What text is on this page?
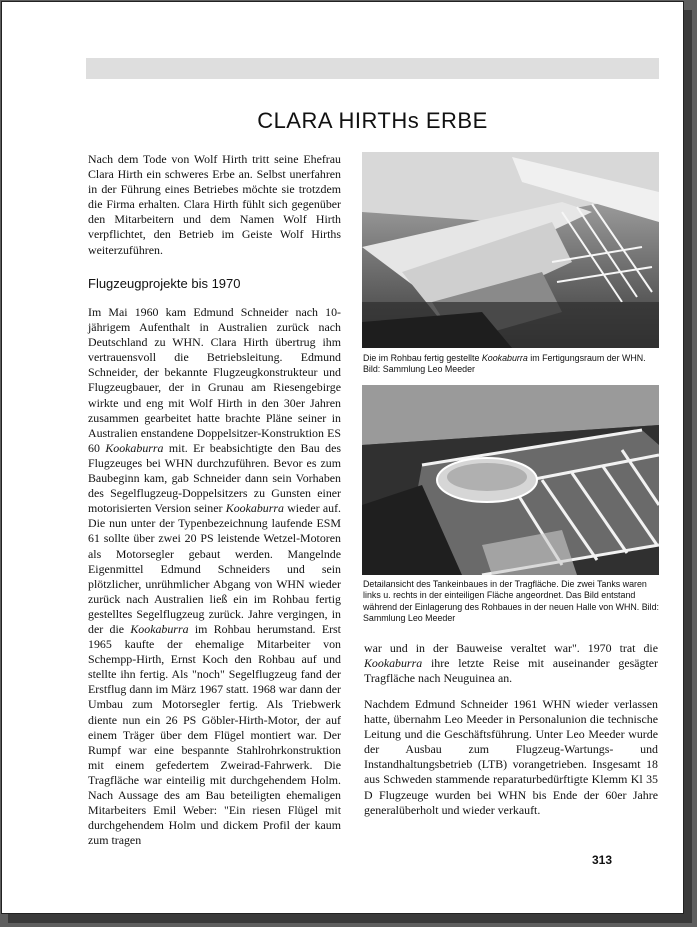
CLARA HIRTHs ERBE

Nach dem Tode von Wolf Hirth tritt seine Ehefrau Clara Hirth ein schweres Erbe an. Selbst unerfahren in der Führung eines Betriebes möchte sie trotzdem die Firma erhalten. Clara Hirth fühlt sich gegenüber den Mitarbeitern und dem Namen Wolf Hirth verpflichtet, den Betrieb im Geiste Wolf Hirths weiterzuführen.

Flugzeugprojekte bis 1970

Im Mai 1960 kam Edmund Schneider nach 10-jährigem Aufenthalt in Australien zurück nach Deutschland zu WHN. Clara Hirth übertrug ihm vertrauensvoll die Betriebsleitung. Edmund Schneider, der bekannte Flugzeugkonstrukteur und Flugzeugbauer, der in Grunau am Riesengebirge wirkte und eng mit Wolf Hirth in den 30er Jahren zusammen gearbeitet hatte brachte Pläne seiner in Australien enstandene Doppelsitzer-Konstruktion ES 60 Kookaburra mit. Er beabsichtigte den Bau des Flugzeuges bei WHN durchzuführen. Bevor es zum Baubeginn kam, gab Schneider dann sein Vorhaben des Segelflugzeug-Doppelsitzers zu Gunsten einer motorisierten Version seiner Kookaburra wieder auf. Die nun unter der Typenbezeichnung laufende ESM 61 sollte über zwei 20 PS leistende Wetzel-Motoren als Motorsegler gebaut werden. Mangelnde Eigenmittel Edmund Schneiders und sein plötzlicher, unrühmlicher Abgang von WHN wieder zurück nach Australien ließ ein im Rohbau fertig gestelltes Segelflugzeug zurück. Jahre vergingen, in der die Kookaburra im Rohbau herumstand. Erst 1965 kaufte der ehemalige Mitarbeiter von Schempp-Hirth, Ernst Koch den Rohbau auf und stellte ihn fertig. Als "noch" Segelflugzeug fand der Erstflug dann im März 1967 statt. 1968 war dann der Umbau zum Motorsegler fertig. Als Triebwerk diente nun ein 26 PS Göbler-Hirth-Motor, der auf einem Träger über dem Flügel montiert war. Der Rumpf war eine bespannte Stahlrohrkonstruktion mit einem gefedertem Zweirad-Fahrwerk. Die Tragfläche war einteilig mit durchgehendem Holm. Nach Aussage des am Bau beteiligten ehemaligen Mitarbeiters Emil Weber: "Ein riesen Flügel mit durchgehendem Holm und dickem Profil der kaum zum tragen

Die im Rohbau fertig gestellte Kookaburra im Fertigungsraum der WHN. Bild: Sammlung Leo Meeder
Detailansicht des Tankeinbaues in der Tragfläche. Die zwei Tanks waren links u. rechts in der einteiligen Fläche angeordnet. Das Bild entstand während der Einlagerung des Rohbaues in der neuen Halle von WHN. Bild: Sammlung Leo Meeder

war und in der Bauweise veraltet war". 1970 trat die Kookaburra ihre letzte Reise mit auseinander gesägter Tragfläche nach Neuguinea an.

Nachdem Edmund Schneider 1961 WHN wieder verlassen hatte, übernahm Leo Meeder in Personalunion die technische Leitung und die Geschäftsführung. Unter Leo Meeder wurde der Ausbau zum Flugzeug-Wartungs- und Instandhaltungsbetrieb (LTB) vorangetrieben. Insgesamt 18 aus Schweden stammende reparaturbedürftigte Klemm Kl 35 D Flugzeuge wurden bei WHN bis Ende der 60er Jahre generalüberholt und wieder verkauft.

313
